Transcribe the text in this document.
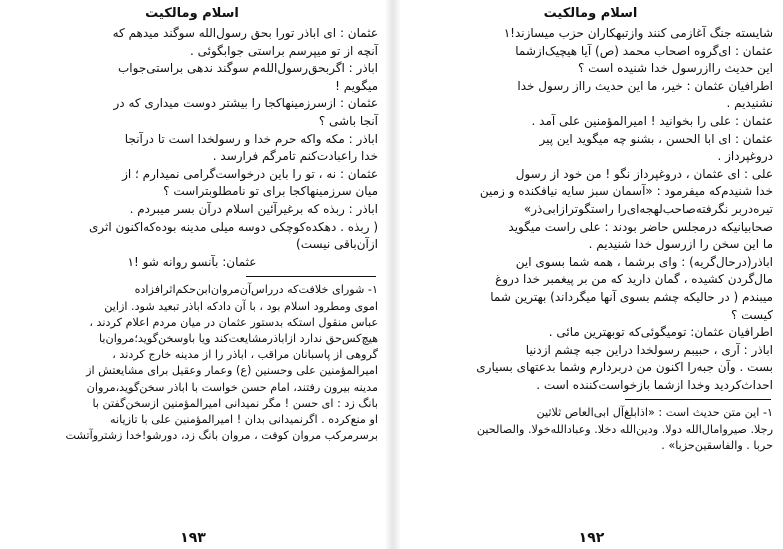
اسلام ومالکیت

عثمان : ای اباذر تورا بحق رسول‌الله سوگند میدهم که

آنچه از تو میپرسم براستی جوابگوئی .

اباذر : اگربحق‌رسول‌الله‌م سوگند ندهی براستی‌جواب

میگویم !

عثمان : ازسرزمینهاکجا را بیشتر دوست میداری که در

آنجا باشی ؟

اباذر : مکه واکه حرم خدا و رسولخدا است تا درآنجا

خدا راعبادت‌کنم تامرگم فرارسد .

عثمان : نه ، تو را باین درخواست‌گرامی نمیدارم ؛ از

میان سرزمینهاکجا برای تو نامطلوبتراست ؟

اباذر : ربذه که برغیرآئین اسلام درآن بسر میبردم .

( ربذه . دهکده‌کوچکی دوسه میلی مدینه بوده‌که‌اکنون اثری

ازآن‌باقی نیست)

عثمان: بآنسو روانه شو !۱

۱- شورای خلافت‌که درراس‌آن‌مروان‌ابن‌حکم‌اثر‌افزاده

اموی ومطرود اسلام بود ، با آن داد‌که اباذر تبعید شود. ازاین

عباس منقول استکه بدستور عثمان در میان مردم اعلام کردند ،

هیچ‌کس‌حق ندارد ازاباذرمشایعت‌کند ویا باوسخن‌گوید؛مروان‌با

گروهی از پاسبانان مراقب ، اباذر را از مدینه خارج کردند ،

امیرالمؤمنین علی وحسنین (ع) وعمار وعقیل برای مشایعتش از

مدینه بیرون رفتند، امام حسن خواست با اباذر سخن‌گوید،مروان

بانگ زد : ای حسن ! مگر نمیدانی امیرالمؤمنین ازسخن‌گفتن با

او منع‌کرده . اگرنمیدانی بدان ! امیرالمؤمنین علی با تازیانه

برسرمرکب مروان کوفت ، مروان بانگ زد، دورشو!خدا زشتروآتشت

۱۹۳
اسلام ومالکیت

شایسته جنگ آغازمی کنند وازتبهکاران حزب میسازند!۱

عثمان : ای‌گروه اصحاب محمد (ص) آیا هیچیک‌ازشما

این حدیث رااز‌رسول خدا شنیده است ؟

اطرافیان عثمان : خیر، ما این حدیث رااز رسول خدا

نشنیدیم .

عثمان : علی را بخوانید ! امیرالمؤمنین علی آمد .

عثمان : ای ابا الحسن ، بشنو چه میگوید این پیر

دروغپرداز .

علی : ای عثمان ، دروغپرداز نگو ! من خود از رسول

خدا شنیدم‌که میفرمود : «آسمان سبز سایه نیافکنده و زمین

تیره‌دربر نگرفته‌صاحب‌لهجه‌ای‌را راستگوتر‌ازابی‌ذر»

صحابیانیکه درمجلس حاضر بودند : علی راست میگوید

ما این سخن را ازرسول خدا شنیدیم .

اباذر(درحال‌گریه) : وای برشما ، همه شما بسوی این

مال‌گردن کشیده ، گمان دارید که من بر پیغمبر خدا دروغ

میبندم ( در حالیکه چشم بسوی آنها میگرداند) بهترین شما

کیست ؟

اطرافیان عثمان: تومیگوئی‌که تو‌بهترین مائی .

اباذر : آری ، حبیبم رسولخدا دراین جبه چشم ازدنیا

بست . وآن جبه‌را اکنون من دربردارم وشما بدعتهای بسیاری

احداث‌کردید وخدا ازشما بازخواست‌کننده است .

۱- این متن حدیث است : «اذابلغ‌آل ابی‌العاص ثلاثین

رجلا. صیروامال‌الله دولا. ودین‌الله دخلا. وعبادالله‌خولا. والصالحین

حربا . والفاسقین‌حزبا» .

۱۹۲
